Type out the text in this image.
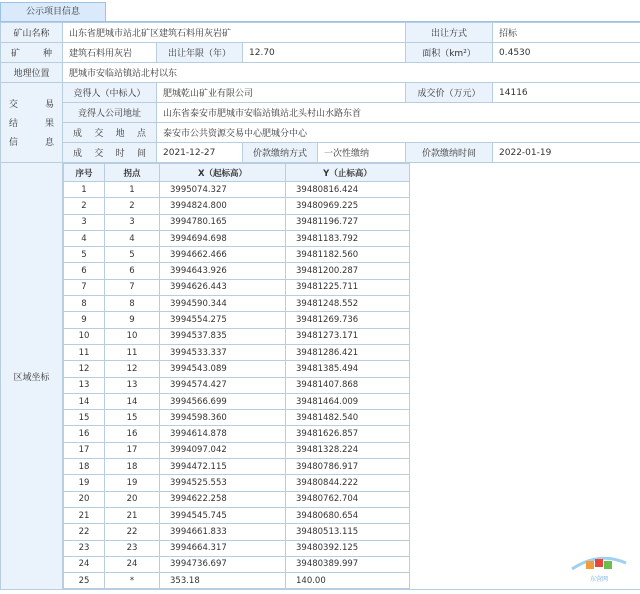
公示项目信息
矿山名称	山东省肥城市站北矿区建筑石料用灰岩矿	出让方式	招标

矿	种	建筑石料用灰岩	出让年限（年）	12.70	面积（km²）	0.4530
地理位置	肥城市安临站镇站北村以东

交	易
结	果
信	息
	竞得人（中标人）	肥城乾山矿业有限公司	成交价（万元）	14116
竞得人公司地址	山东省泰安市肥城市安临站镇站北头村山水路东首

成 交 地 点	泰安市公共资源交易中心肥城分中心

成 交 时 间	2021-12-27	价款缴纳方式	一次性缴纳	价款缴纳时间	2022-01-19
区域坐标	
序号	拐点	X（起标高）	Y（止标高）
1	1	3995074.327	39480816.424
2	2	3994824.800	39480969.225
3	3	3994780.165	39481196.727
4	4	3994694.698	39481183.792
5	5	3994662.466	39481182.560
6	6	3994643.926	39481200.287
7	7	3994626.443	39481225.711
8	8	3994590.344	39481248.552
9	9	3994554.275	39481269.736
10	10	3994537.835	39481273.171
11	11	3994533.337	39481286.421
12	12	3994543.089	39481385.494
13	13	3994574.427	39481407.868
14	14	3994566.699	39481464.009
15	15	3994598.360	39481482.540
16	16	3994614.878	39481626.857
17	17	3994097.042	39481328.224
18	18	3994472.115	39480786.917
19	19	3994525.553	39480844.222
20	20	3994622.258	39480762.704
21	21	3994545.745	39480680.654
22	22	3994661.833	39480513.115
23	23	3994664.317	39480392.125
24	24	3994736.697	39480389.997
25	*	353.18	140.00	东营网
